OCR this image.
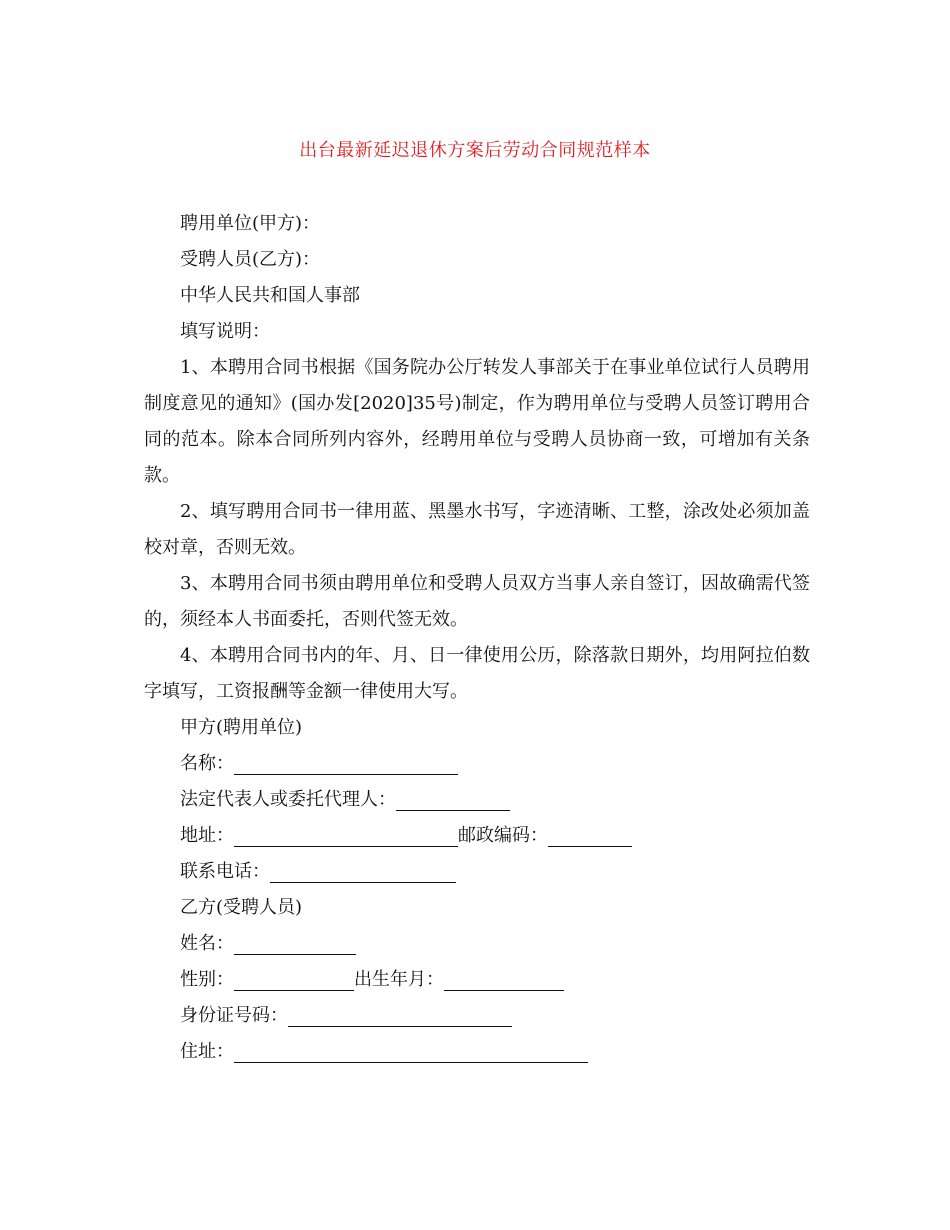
出台最新延迟退休方案后劳动合同规范样本

聘用单位(甲方)：

受聘人员(乙方)：

中华人民共和国人事部

填写说明：

1、本聘用合同书根据《国务院办公厅转发人事部关于在事业单位试行人员聘用制度意见的通知》(国办发[2020]35号)制定，作为聘用单位与受聘人员签订聘用合同的范本。除本合同所列内容外，经聘用单位与受聘人员协商一致，可增加有关条款。

2、填写聘用合同书一律用蓝、黑墨水书写，字迹清晰、工整，涂改处必须加盖校对章，否则无效。

3、本聘用合同书须由聘用单位和受聘人员双方当事人亲自签订，因故确需代签的，须经本人书面委托，否则代签无效。

4、本聘用合同书内的年、月、日一律使用公历，除落款日期外，均用阿拉伯数字填写，工资报酬等金额一律使用大写。

甲方(聘用单位)

名称：

法定代表人或委托代理人：

地址：	邮政编码：

联系电话：

乙方(受聘人员)

姓名：

性别：	出生年月：

身份证号码：

住址：
